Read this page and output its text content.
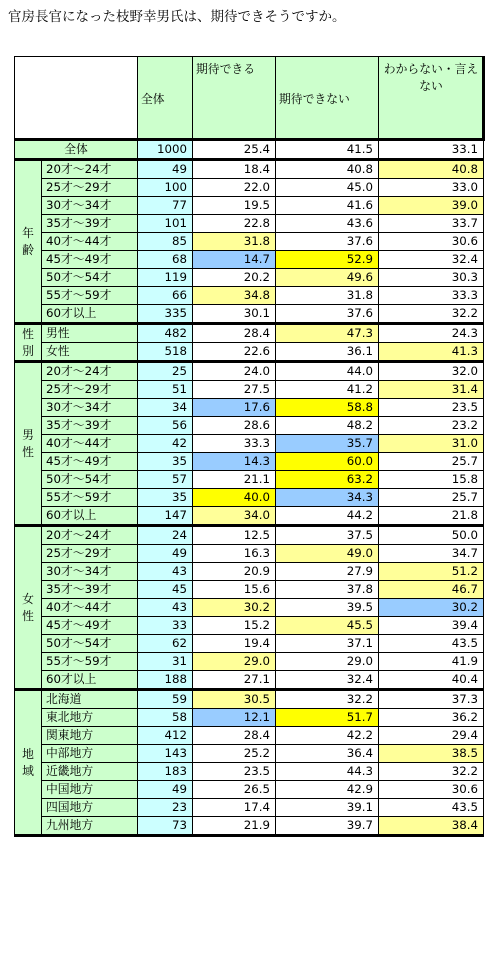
官房長官になった枝野幸男氏は、期待できそうですか。
		全体	期待できる	期待できない	わからない・言えない
全体		1000	25.4	41.5	33.1
年齢	20才～24才	49	18.4	40.8	40.8
	25才～29才	100	22.0	45.0	33.0
	30才～34才	77	19.5	41.6	39.0
	35才～39才	101	22.8	43.6	33.7
	40才～44才	85	31.8	37.6	30.6
	45才～49才	68	14.7	52.9	32.4
	50才～54才	119	20.2	49.6	30.3
	55才～59才	66	34.8	31.8	33.3
	60才以上	335	30.1	37.6	32.2
性別	男性	482	28.4	47.3	24.3
	女性	518	22.6	36.1	41.3
男性	20才～24才	25	24.0	44.0	32.0
	25才～29才	51	27.5	41.2	31.4
	30才～34才	34	17.6	58.8	23.5
	35才～39才	56	28.6	48.2	23.2
	40才～44才	42	33.3	35.7	31.0
	45才～49才	35	14.3	60.0	25.7
	50才～54才	57	21.1	63.2	15.8
	55才～59才	35	40.0	34.3	25.7
	60才以上	147	34.0	44.2	21.8
女性	20才～24才	24	12.5	37.5	50.0
	25才～29才	49	16.3	49.0	34.7
	30才～34才	43	20.9	27.9	51.2
	35才～39才	45	15.6	37.8	46.7
	40才～44才	43	30.2	39.5	30.2
	45才～49才	33	15.2	45.5	39.4
	50才～54才	62	19.4	37.1	43.5
	55才～59才	31	29.0	29.0	41.9
	60才以上	188	27.1	32.4	40.4
地域	北海道	59	30.5	32.2	37.3
	東北地方	58	12.1	51.7	36.2
	関東地方	412	28.4	42.2	29.4
	中部地方	143	25.2	36.4	38.5
	近畿地方	183	23.5	44.3	32.2
	中国地方	49	26.5	42.9	30.6
	四国地方	23	17.4	39.1	43.5
	九州地方	73	21.9	39.7	38.4
